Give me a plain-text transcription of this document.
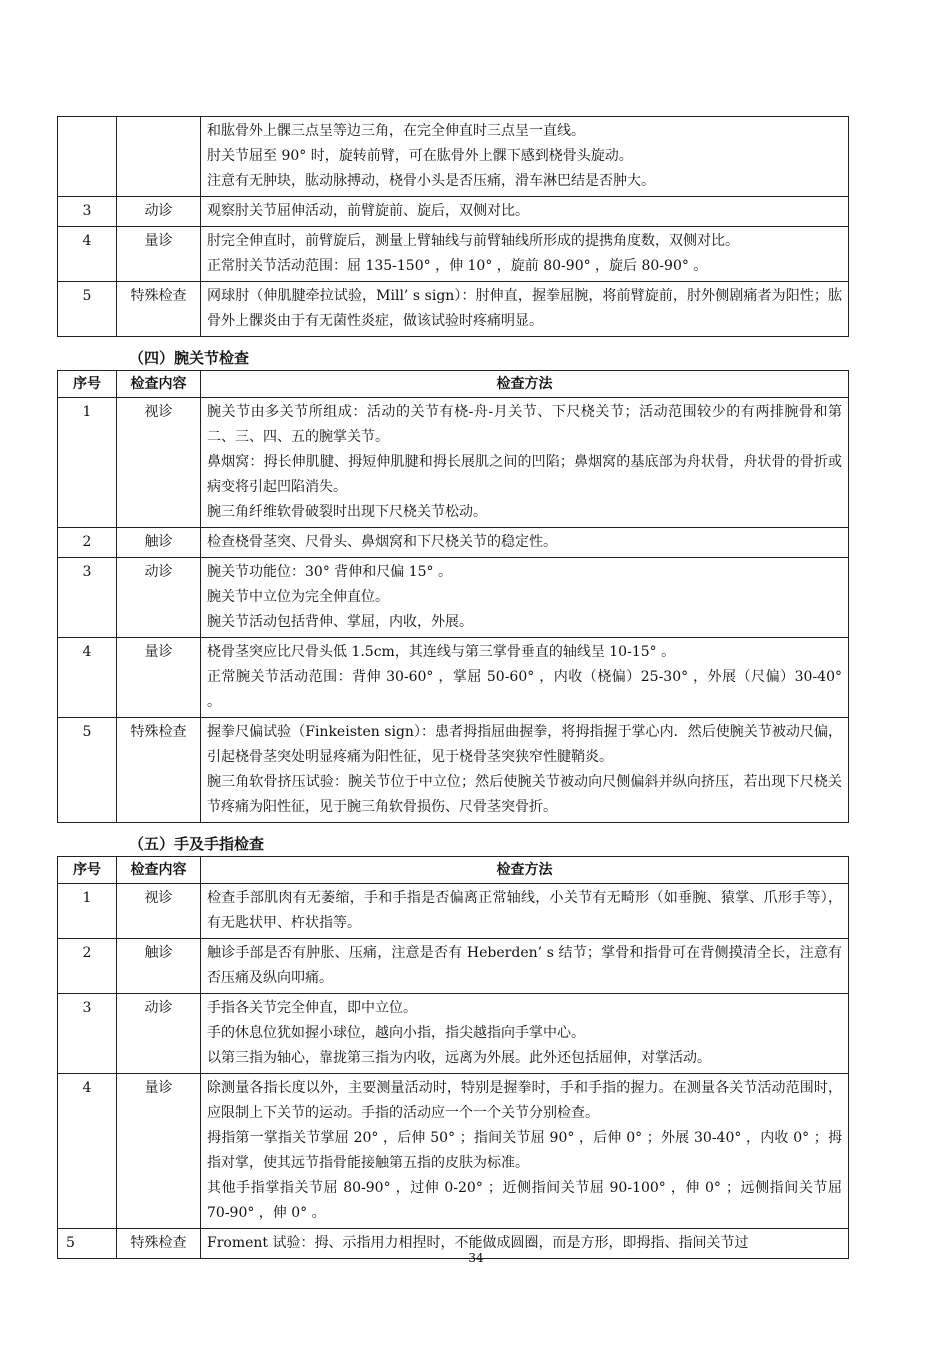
		和肱骨外上髁三点呈等边三角，在完全伸直时三点呈一直线。

肘关节屈至 90° 时，旋转前臂，可在肱骨外上髁下感到桡骨头旋动。

注意有无肿块，肱动脉搏动，桡骨小头是否压痛，滑车淋巴结是否肿大。

3	动诊	观察肘关节屈伸活动，前臂旋前、旋后，双侧对比。

4	量诊	肘完全伸直时，前臂旋后，测量上臂轴线与前臂轴线所形成的提携角度数，双侧对比。

正常肘关节活动范围：屈 135-150° ，伸 10° ，旋前 80-90° ，旋后 80-90° 。

5	特殊检查	网球肘（伸肌腱牵拉试验，Mill’ s sign）：肘伸直，握拳屈腕，将前臂旋前，肘外侧剧痛者为阳性；肱骨外上髁炎由于有无菌性炎症，做该试验时疼痛明显。

（四）腕关节检查
序号	检查内容	检查方法
1	视诊	腕关节由多关节所组成：活动的关节有桡-舟-月关节、下尺桡关节；活动范围较少的有两排腕骨和第二、三、四、五的腕掌关节。

鼻烟窝：拇长伸肌腱、拇短伸肌腱和拇长展肌之间的凹陷；鼻烟窝的基底部为舟状骨，舟状骨的骨折或病变将引起凹陷消失。

腕三角纤维软骨破裂时出现下尺桡关节松动。

2	触诊	检查桡骨茎突、尺骨头、鼻烟窝和下尺桡关节的稳定性。

3	动诊	腕关节功能位：30° 背伸和尺偏 15° 。

腕关节中立位为完全伸直位。

腕关节活动包括背伸、掌屈，内收，外展。

4	量诊	桡骨茎突应比尺骨头低 1.5cm，其连线与第三掌骨垂直的轴线呈 10-15° 。

正常腕关节活动范围：背伸 30-60° ，掌屈 50-60° ，内收（桡偏）25-30° ，外展（尺偏）30-40° 。

5	特殊检查	握拳尺偏试验（Finkeisten sign）：患者拇指屈曲握拳，将拇指握于掌心内．然后使腕关节被动尺偏，引起桡骨茎突处明显疼痛为阳性征，见于桡骨茎突狭窄性腱鞘炎。

腕三角软骨挤压试验：腕关节位于中立位；然后使腕关节被动向尺侧偏斜并纵向挤压，若出现下尺桡关节疼痛为阳性征，见于腕三角软骨损伤、尺骨茎突骨折。

（五）手及手指检查
序号	检查内容	检查方法
1	视诊	检查手部肌肉有无萎缩，手和手指是否偏离正常轴线，小关节有无畸形（如垂腕、猿掌、爪形手等），有无匙状甲、杵状指等。

2	触诊	触诊手部是否有肿胀、压痛，注意是否有 Heberden’ s 结节；掌骨和指骨可在背侧摸清全长，注意有否压痛及纵向叩痛。

3	动诊	手指各关节完全伸直，即中立位。

手的休息位犹如握小球位，越向小指，指尖越指向手掌中心。

以第三指为轴心，靠拢第三指为内收，远离为外展。此外还包括屈伸，对掌活动。

4	量诊	除测量各指长度以外，主要测量活动时，特别是握拳时，手和手指的握力。在测量各关节活动范围时，应限制上下关节的运动。手指的活动应一个一个关节分别检查。

拇指第一掌指关节掌屈 20° ，后伸 50° ；指间关节屈 90° ，后伸 0° ；外展 30-40° ，内收 0° ；拇指对掌，使其远节指骨能接触第五指的皮肤为标准。

其他手指掌指关节屈 80-90° ，过伸 0-20° ；近侧指间关节屈 90-100° ，伸 0° ；远侧指间关节屈 70-90° ，伸 0° 。

5	特殊检查	Froment 试验：拇、示指用力相捏时，不能做成圆圈，而是方形，即拇指、指间关节过

34
